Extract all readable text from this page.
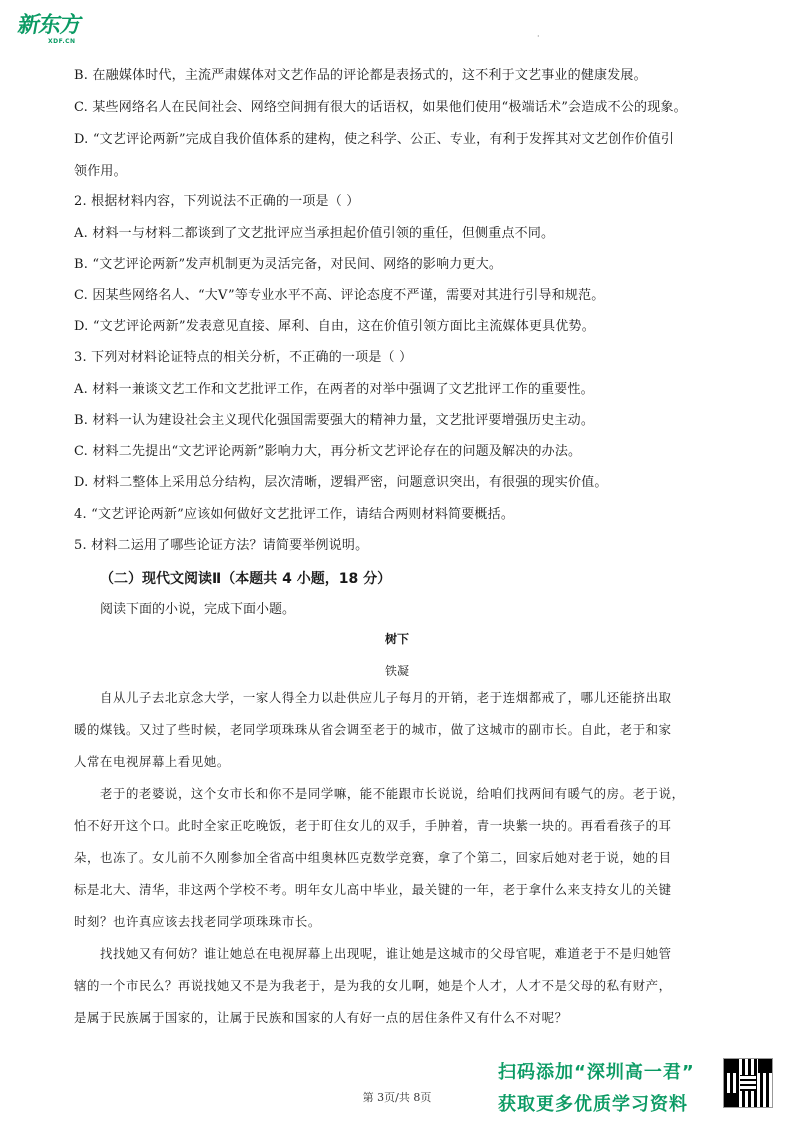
新东方
XDF.CN
·
B. 在融媒体时代，主流严肃媒体对文艺作品的评论都是表扬式的，这不利于文艺事业的健康发展。
C. 某些网络名人在民间社会、网络空间拥有很大的话语权，如果他们使用“极端话术”会造成不公的现象。
D. “文艺评论两新”完成自我价值体系的建构，使之科学、公正、专业，有利于发挥其对文艺创作价值引
领作用。
2. 根据材料内容，下列说法不正确的一项是（ ）
A. 材料一与材料二都谈到了文艺批评应当承担起价值引领的重任，但侧重点不同。
B. “文艺评论两新”发声机制更为灵活完备，对民间、网络的影响力更大。
C. 因某些网络名人、“大V”等专业水平不高、评论态度不严谨，需要对其进行引导和规范。
D. “文艺评论两新”发表意见直接、犀利、自由，这在价值引领方面比主流媒体更具优势。
3. 下列对材料论证特点的相关分析，不正确的一项是（ ）
A. 材料一兼谈文艺工作和文艺批评工作，在两者的对举中强调了文艺批评工作的重要性。
B. 材料一认为建设社会主义现代化强国需要强大的精神力量，文艺批评要增强历史主动。
C. 材料二先提出“文艺评论两新”影响力大，再分析文艺评论存在的问题及解决的办法。
D. 材料二整体上采用总分结构，层次清晰，逻辑严密，问题意识突出，有很强的现实价值。
4. “文艺评论两新”应该如何做好文艺批评工作，请结合两则材料简要概括。
5. 材料二运用了哪些论证方法？请简要举例说明。
（二）现代文阅读Ⅱ（本题共 4 小题，18 分）
阅读下面的小说，完成下面小题。
树下
铁凝
自从儿子去北京念大学，一家人得全力以赴供应儿子每月的开销，老于连烟都戒了，哪儿还能挤出取
暖的煤钱。又过了些时候，老同学项珠珠从省会调至老于的城市，做了这城市的副市长。自此，老于和家
人常在电视屏幕上看见她。
老于的老婆说，这个女市长和你不是同学嘛，能不能跟市长说说，给咱们找两间有暖气的房。老于说，
怕不好开这个口。此时全家正吃晚饭，老于盯住女儿的双手，手肿着，青一块紫一块的。再看看孩子的耳
朵，也冻了。女儿前不久刚参加全省高中组奥林匹克数学竞赛，拿了个第二，回家后她对老于说，她的目
标是北大、清华，非这两个学校不考。明年女儿高中毕业，最关键的一年，老于拿什么来支持女儿的关键
时刻？也许真应该去找老同学项珠珠市长。
找找她又有何妨？谁让她总在电视屏幕上出现呢，谁让她是这城市的父母官呢，难道老于不是归她管
辖的一个市民么？再说找她又不是为我老于，是为我的女儿啊，她是个人才，人才不是父母的私有财产，
是属于民族属于国家的，让属于民族和国家的人有好一点的居住条件又有什么不对呢？
第 3页/共 8页
扫码添加“深圳高一君”
获取更多优质学习资料
